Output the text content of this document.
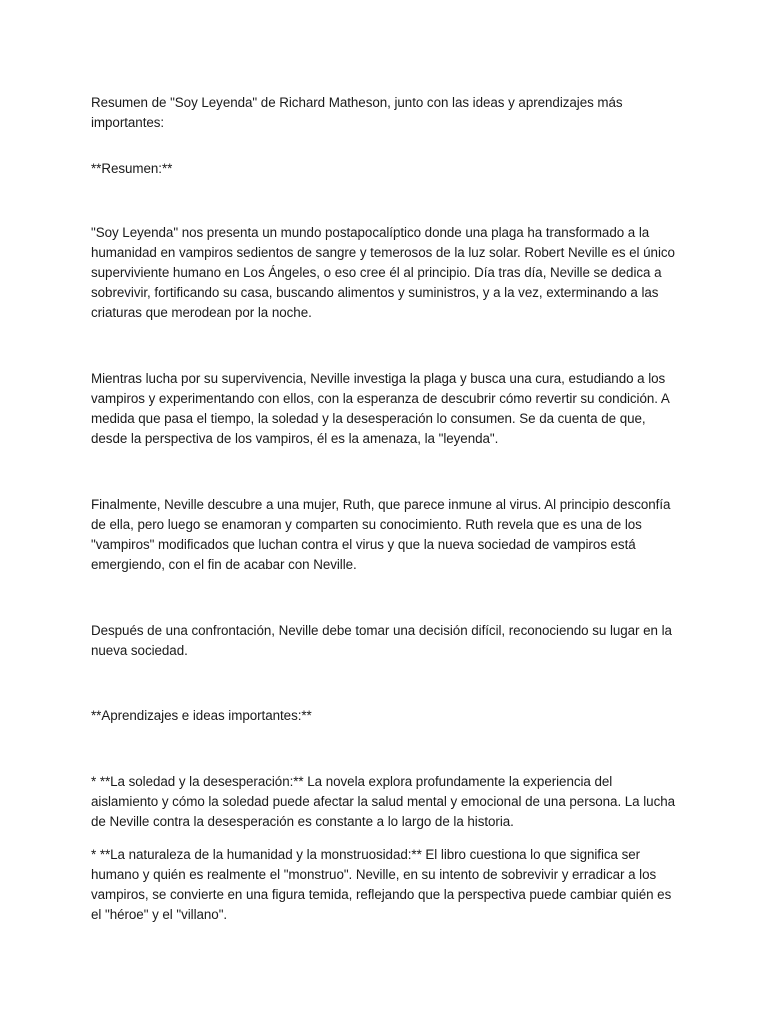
Resumen de "Soy Leyenda" de Richard Matheson, junto con las ideas y aprendizajes más importantes:

**Resumen:**

"Soy Leyenda" nos presenta un mundo postapocalíptico donde una plaga ha transformado a la humanidad en vampiros sedientos de sangre y temerosos de la luz solar. Robert Neville es el único superviviente humano en Los Ángeles, o eso cree él al principio. Día tras día, Neville se dedica a sobrevivir, fortificando su casa, buscando alimentos y suministros, y a la vez, exterminando a las criaturas que merodean por la noche.

Mientras lucha por su supervivencia, Neville investiga la plaga y busca una cura, estudiando a los vampiros y experimentando con ellos, con la esperanza de descubrir cómo revertir su condición. A medida que pasa el tiempo, la soledad y la desesperación lo consumen. Se da cuenta de que, desde la perspectiva de los vampiros, él es la amenaza, la "leyenda".

Finalmente, Neville descubre a una mujer, Ruth, que parece inmune al virus. Al principio desconfía de ella, pero luego se enamoran y comparten su conocimiento. Ruth revela que es una de los "vampiros" modificados que luchan contra el virus y que la nueva sociedad de vampiros está emergiendo, con el fin de acabar con Neville.

Después de una confrontación, Neville debe tomar una decisión difícil, reconociendo su lugar en la nueva sociedad.

**Aprendizajes e ideas importantes:**

* **La soledad y la desesperación:** La novela explora profundamente la experiencia del aislamiento y cómo la soledad puede afectar la salud mental y emocional de una persona. La lucha de Neville contra la desesperación es constante a lo largo de la historia.

* **La naturaleza de la humanidad y la monstruosidad:** El libro cuestiona lo que significa ser humano y quién es realmente el "monstruo". Neville, en su intento de sobrevivir y erradicar a los vampiros, se convierte en una figura temida, reflejando que la perspectiva puede cambiar quién es el "héroe" y el "villano".
